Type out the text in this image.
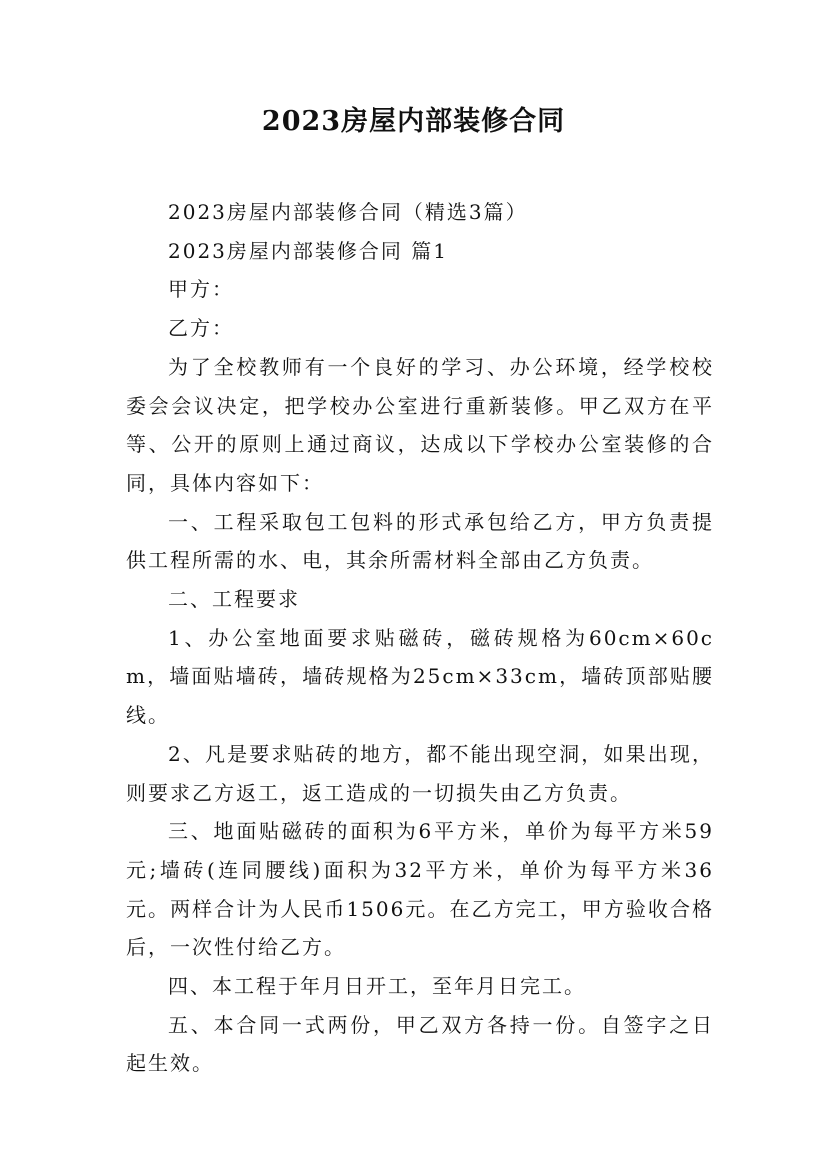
2023房屋内部装修合同

2023房屋内部装修合同（精选3篇）

2023房屋内部装修合同 篇1

甲方：

乙方：

为了全校教师有一个良好的学习、办公环境，经学校校委会会议决定，把学校办公室进行重新装修。甲乙双方在平等、公开的原则上通过商议，达成以下学校办公室装修的合同，具体内容如下：

一、工程采取包工包料的形式承包给乙方，甲方负责提供工程所需的水、电，其余所需材料全部由乙方负责。

二、工程要求

1、办公室地面要求贴磁砖，磁砖规格为60cm×60cm，墙面贴墙砖，墙砖规格为25cm×33cm，墙砖顶部贴腰线。

2、凡是要求贴砖的地方，都不能出现空洞，如果出现，则要求乙方返工，返工造成的一切损失由乙方负责。

三、地面贴磁砖的面积为6平方米，单价为每平方米59元;墙砖(连同腰线)面积为32平方米，单价为每平方米36元。两样合计为人民币1506元。在乙方完工，甲方验收合格后，一次性付给乙方。

四、本工程于年月日开工，至年月日完工。

五、本合同一式两份，甲乙双方各持一份。自签字之日起生效。
